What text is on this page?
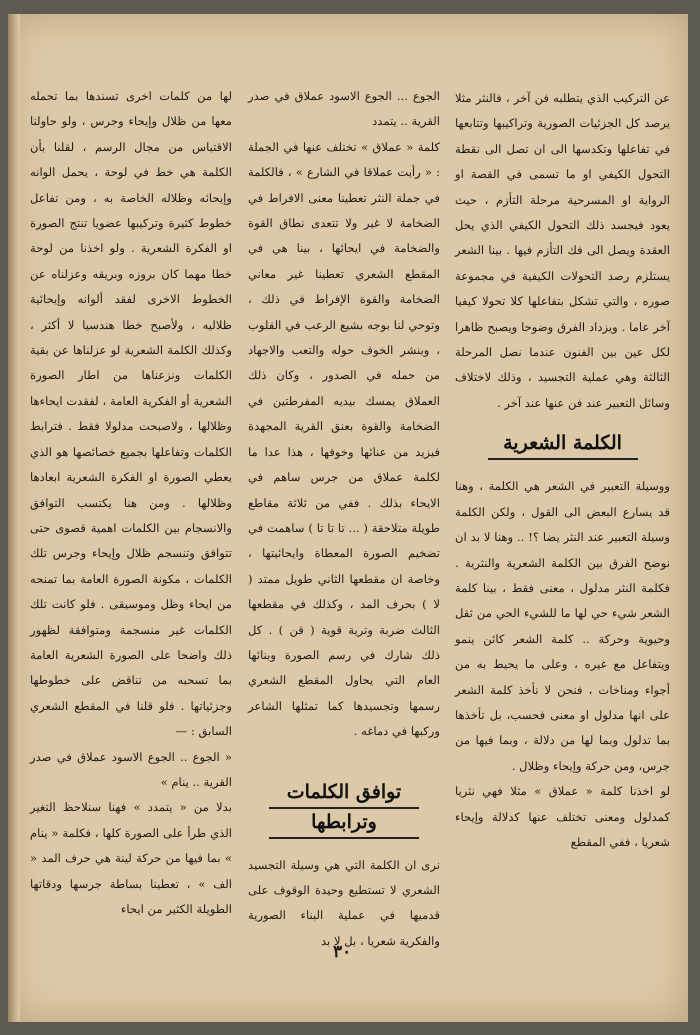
عن التركيب الذي يتطلبه فن آخر ، فالنثر مثلا يرصد كل الجزئيات الصورية وتراكيبها وتتابعها في تفاعلها وتكدسها الى ان تصل الى نقطة التحول الكيفي او ما تسمى في القصة او الرواية او المسرحية مرحلة التأزم ، حيث يعود فيجسد ذلك التحول الكيفي الذي يحل العقدة ويصل الى فك التأزم فيها . بينا الشعر يستلزم رصد التحولات الكيفية في مجموعة صوره ، والتي تشكل بتفاعلها كلا تحولا كيفيا آخر عاما . ويزداد الفرق وضوحا ويصبح ظاهرا لكل عين بين الفنون عندما نصل المرحلة الثالثة وهي عملية التجسيد ، وذلك لاختلاف وسائل التعبير عند فن عنها عند آخر .

الكلمة الشعرية

ووسيلة التعبير في الشعر هي الكلمة ، وهنا قد يسارع البعض الى القول ، ولكن الكلمة وسيلة التعبير عند النثر يضا ؟! .. وهنا لا بد ان نوضح الفرق بين الكلمة الشعرية والنثرية . فكلمة النثر مدلول ، معنى فقط ، بينا كلمة الشعر شيء حي لها ما للشيء الحي من ثقل وحيوية وحركة .. كلمة الشعر كائن ينمو ويتفاعل مع غيره ، وعلى ما يحيط به من أجواء ومناخات ، فنحن لا نأخذ كلمة الشعر على انها مدلول او معنى فحسب، بل تأخذها بما تدلول وبما لها من دلالة ، وبما فيها من جرس، ومن حركة وإيحاء وظلال .

لو اخذنا كلمة « عملاق » مثلا فهي نثريا كمدلول ومعنى تختلف عنها كدلالة وإيحاء شعريا ، ففي المقطع

الجوع ... الجوع الاسود عملاق في صدر القرية .. يتمدد

كلمة « عملاق » تختلف عنها في الجملة : « رأيت عملاقا في الشارع » ، فالكلمة في جملة النثر تعطينا معنى الافراط في الضخامة لا غير ولا تتعدى نطاق القوة والضخامة في ايحائها ، بينا هي في المقطع الشعري تعطينا غير معاني الضخامة والقوة الإفراط في ذلك ، وتوحي لنا بوجه بشيع الرعب في القلوب ، وبنشر الخوف حوله والتعب والاجهاد من حمله في الصدور ، وكان ذلك العملاق يمسك بيديه المفرطتين في الضخامة والقوة بعنق القرية المجهدة فيزيد من عنائها وخوفها ، هذا عدا ما لكلمة عملاق من جرس ساهم في الايحاء بذلك . ففي من ثلاثة مقاطع طويلة متلاحقة ( ... تا تا تا ) ساهمت في تضخيم الصورة المعطاة وايحائيتها ، وخاصة ان مقطعها الثاني طويل ممتد ( لا ) بحرف المد ، وكذلك في مقطعها الثالث ضربة وترية قوية ( قن ) . كل ذلك شارك في رسم الصورة وبنائها العام التي يحاول المقطع الشعري رسمها وتجسيدها كما تمثلها الشاعر وركبها في دماغه .

توافق الكلمات
وترابطها

نرى ان الكلمة التي هي وسيلة التجسيد الشعري لا تستطيع وحيدة الوقوف على قدميها في عملية البناء الصورية والفكرية شعريا ، بل لا بد

لها من كلمات اخرى تسندها بما تحمله معها من ظلال وإيحاء وجرس ، ولو حاولنا الاقتباس من مجال الرسم ، لقلنا بأن الكلمة هي خط في لوحة ، يحمل الوانه وإيحائه وظلاله الخاصة به ، ومن تفاعل خطوط كثيرة وتركيبها عضويا تنتج الصورة او الفكرة الشعرية . ولو اخذنا من لوحة خطا مهما كان بروزه وبريقه وعزلناه عن الخطوط الاخرى لفقد ألوانه وإيحائية ظلاليه ، ولأصبح خطا هندسيا لا أكثر ، وكذلك الكلمة الشعرية لو عزلناها عن بقية الكلمات ونزعناها من اطار الصورة الشعرية أو الفكرية العامة ، لفقدت ايحاءها وظلالها ، ولاصبحت مدلولا فقط . فترابط الكلمات وتفاعلها بجميع خصائصها هو الذي يعطي الصورة او الفكرة الشعرية ابعادها وظلالها . ومن هنا يكتسب التوافق والانسجام بين الكلمات اهمية قصوى حتى تتوافق وتنسجم ظلال وإيحاء وجرس تلك الكلمات ، مكونة الصورة العامة بما تمنحه من ايحاء وظل وموسيقى . فلو كانت تلك الكلمات غير منسجمة ومتوافقة لظهور ذلك واضحا على الصورة الشعرية العامة بما تسحبه من تناقض على خطوطها وجزئياتها . فلو قلنا في المقطع الشعري السابق : —

« الجوع .. الجوع الاسود عملاق في صدر القرية .. ينام »

بدلا من « يتمدد » فهنا سنلاحظ التغير الذي طرأ على الصورة كلها ، فكلمة « ينام » بما فيها من حركة لينة هي حرف المد « الف » ، تعطينا بساطة جرسها ودقاتها الطويلة الكثير من ايحاء

٣٠
